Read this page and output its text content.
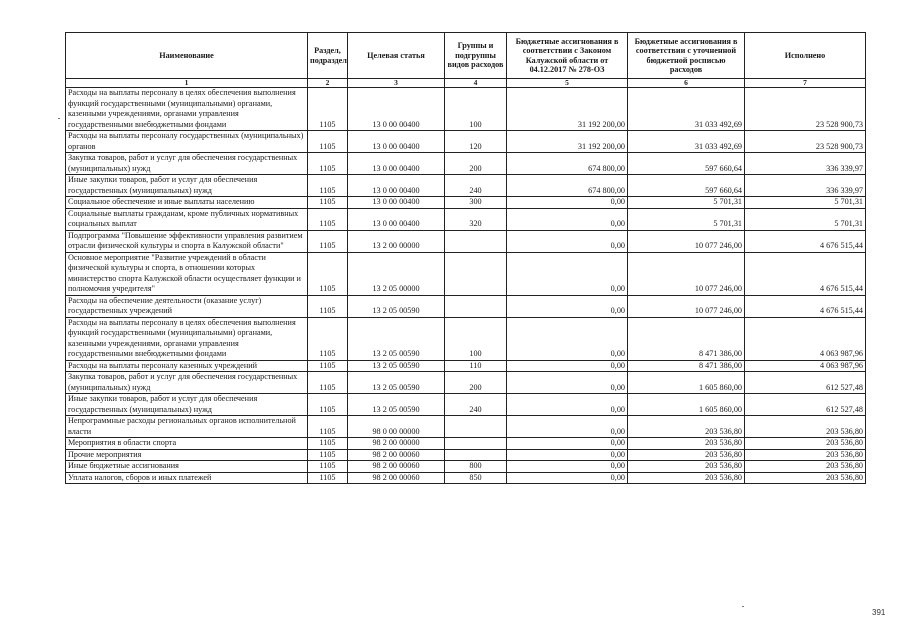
Наименование	Раздел, подраздел	Целевая статья	Группы и подгруппы видов расходов	Бюджетные ассигнования в соответствии с Законом Калужской области от 04.12.2017 № 278-ОЗ	Бюджетные ассигнования в соответствии с уточненной бюджетной росписью расходов	Исполнено
1	2	3	4	5	6	7
Расходы на выплаты персоналу в целях обеспечения выполнения функций государственными (муниципальными) органами, казенными учреждениями, органами управления государственными внебюджетными фондами	1105	13 0 00 00400	100	31 192 200,00	31 033 492,69	23 528 900,73
Расходы на выплаты персоналу государственных (муниципальных) органов	1105	13 0 00 00400	120	31 192 200,00	31 033 492,69	23 528 900,73
Закупка товаров, работ и услуг для обеспечения государственных (муниципальных) нужд	1105	13 0 00 00400	200	674 800,00	597 660,64	336 339,97
Иные закупки товаров, работ и услуг для обеспечения государственных (муниципальных) нужд	1105	13 0 00 00400	240	674 800,00	597 660,64	336 339,97
Социальное обеспечение и иные выплаты населению	1105	13 0 00 00400	300	0,00	5 701,31	5 701,31
Социальные выплаты гражданам, кроме публичных нормативных социальных выплат	1105	13 0 00 00400	320	0,00	5 701,31	5 701,31
Подпрограмма "Повышение эффективности управления развитием отрасли физической культуры и спорта в Калужской области"	1105	13 2 00 00000		0,00	10 077 246,00	4 676 515,44
Основное мероприятие "Развитие учреждений в области физической культуры и спорта, в отношении которых министерство спорта Калужской области осуществляет функции и полномочия учредителя"	1105	13 2 05 00000		0,00	10 077 246,00	4 676 515,44
Расходы на обеспечение деятельности (оказание услуг) государственных учреждений	1105	13 2 05 00590		0,00	10 077 246,00	4 676 515,44
Расходы на выплаты персоналу в целях обеспечения выполнения функций государственными (муниципальными) органами, казенными учреждениями, органами управления государственными внебюджетными фондами	1105	13 2 05 00590	100	0,00	8 471 386,00	4 063 987,96
Расходы на выплаты персоналу казенных учреждений	1105	13 2 05 00590	110	0,00	8 471 386,00	4 063 987,96
Закупка товаров, работ и услуг для обеспечения государственных (муниципальных) нужд	1105	13 2 05 00590	200	0,00	1 605 860,00	612 527,48
Иные закупки товаров, работ и услуг для обеспечения государственных (муниципальных) нужд	1105	13 2 05 00590	240	0,00	1 605 860,00	612 527,48
Непрограммные расходы региональных органов исполнительной власти	1105	98 0 00 00000		0,00	203 536,80	203 536,80
Мероприятия в области спорта	1105	98 2 00 00000		0,00	203 536,80	203 536,80
Прочие мероприятия	1105	98 2 00 00060		0,00	203 536,80	203 536,80
Иные бюджетные ассигнования	1105	98 2 00 00060	800	0,00	203 536,80	203 536,80
Уплата налогов, сборов и иных платежей	1105	98 2 00 00060	850	0,00	203 536,80	203 536,80
391
